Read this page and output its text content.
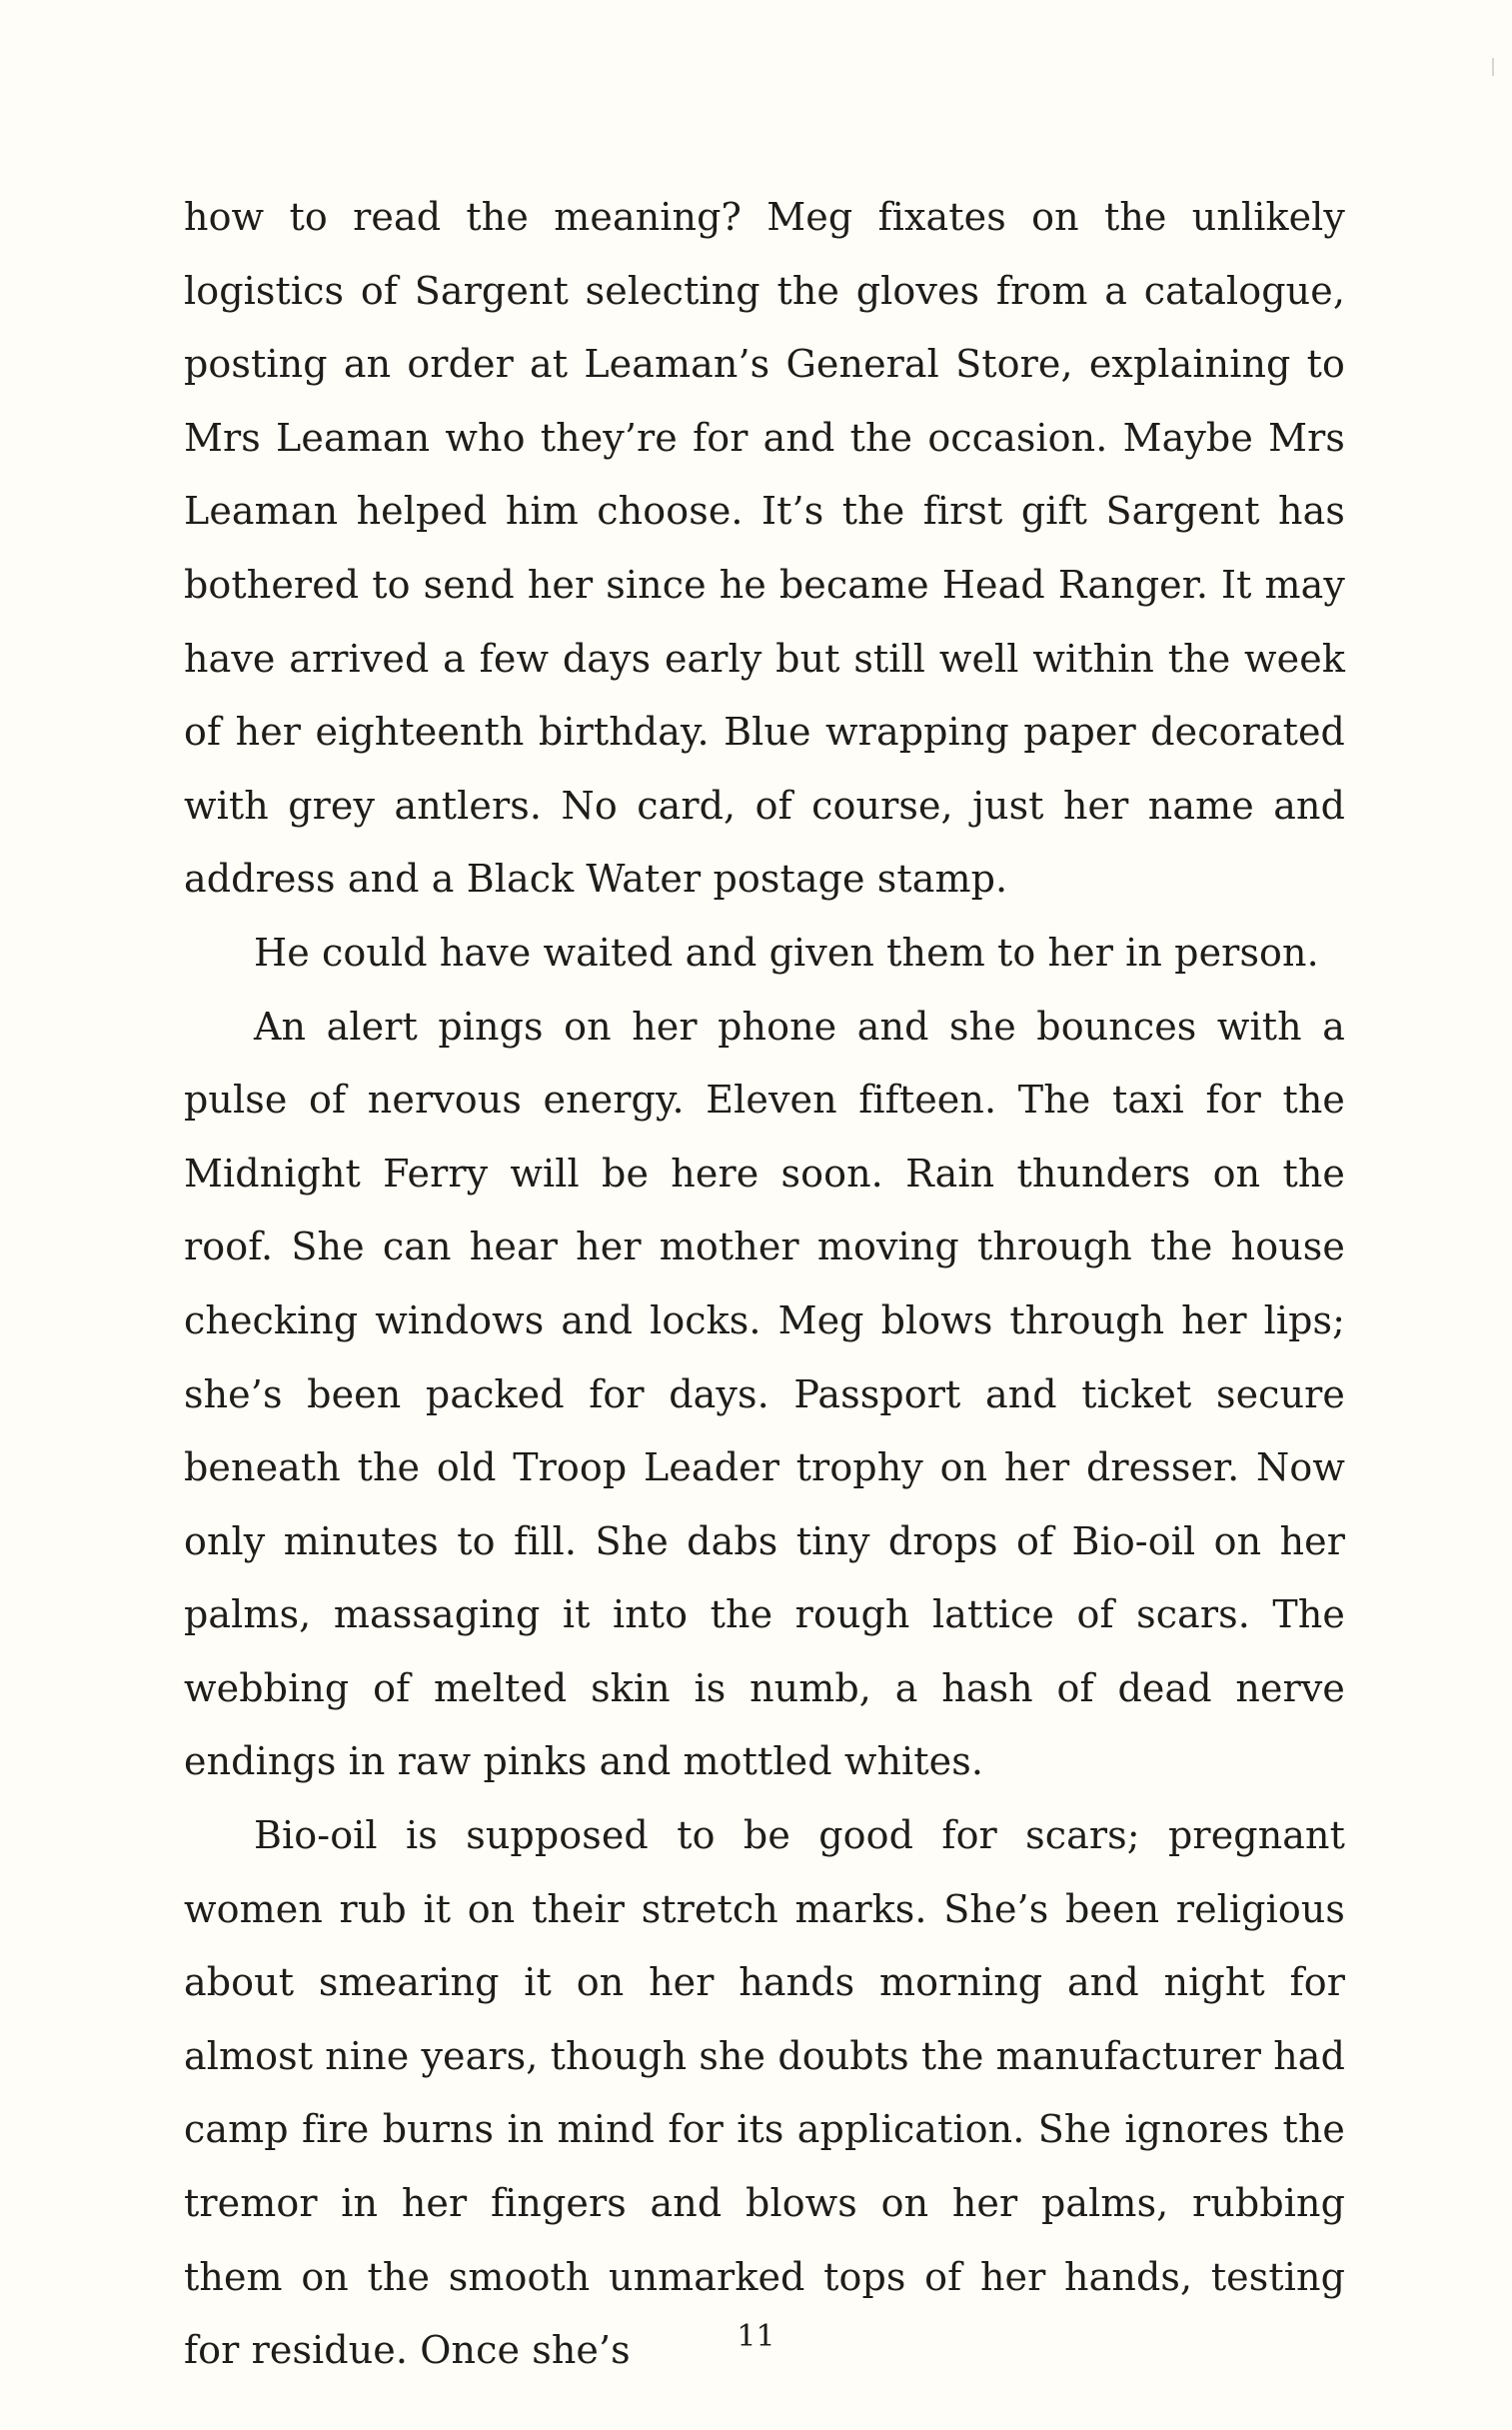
how to read the meaning? Meg fixates on the unlikely logistics of Sargent selecting the gloves from a catalogue, posting an order at Leaman’s General Store, explaining to Mrs Leaman who they’re for and the occasion. Maybe Mrs Leaman helped him choose. It’s the first gift Sargent has bothered to send her since he became Head Ranger. It may have arrived a few days early but still well within the week of her eighteenth birthday. Blue wrapping paper decorated with grey antlers. No card, of course, just her name and address and a Black Water postage stamp.

He could have waited and given them to her in person.

An alert pings on her phone and she bounces with a pulse of nervous energy. Eleven fifteen. The taxi for the Midnight Ferry will be here soon. Rain thunders on the roof. She can hear her mother moving through the house checking windows and locks. Meg blows through her lips; she’s been packed for days. Passport and ticket secure beneath the old Troop Leader trophy on her dresser. Now only minutes to fill. She dabs tiny drops of Bio-oil on her palms, massaging it into the rough lattice of scars. The webbing of melted skin is numb, a hash of dead nerve endings in raw pinks and mottled whites.

Bio-oil is supposed to be good for scars; pregnant women rub it on their stretch marks. She’s been religious about smearing it on her hands morning and night for almost nine years, though she doubts the manufacturer had camp fire burns in mind for its application. She ignores the tremor in her fingers and blows on her palms, rubbing them on the smooth unmarked tops of her hands, testing for residue. Once she’s	11
